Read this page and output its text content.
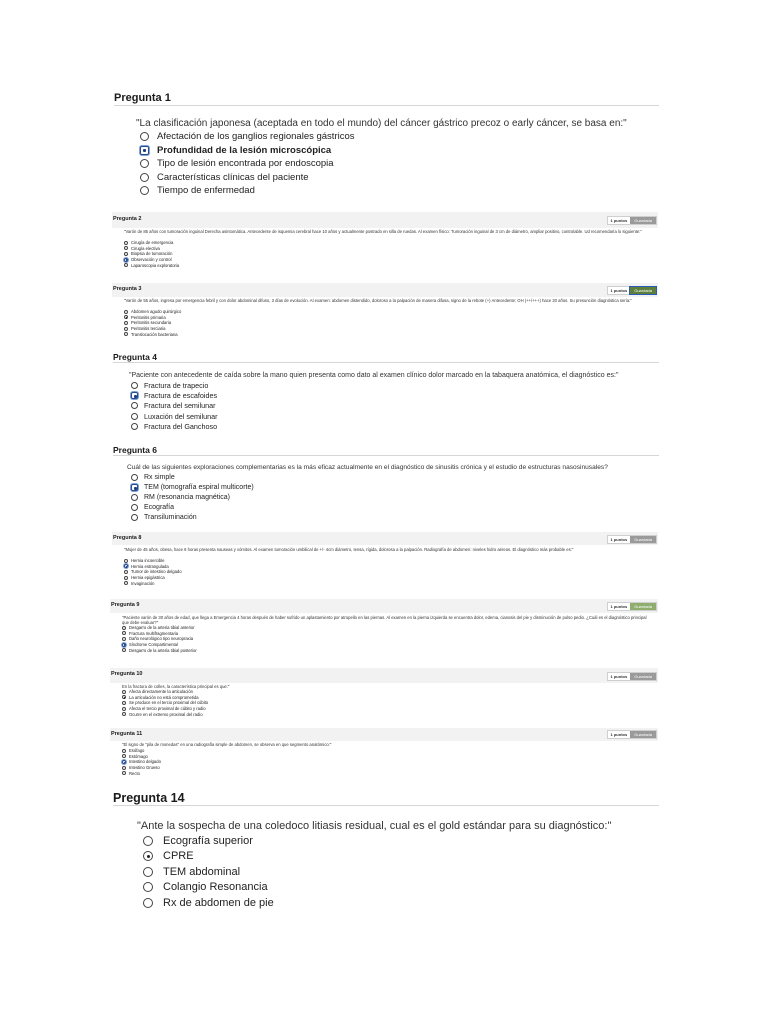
Pregunta 1
"La clasificación japonesa (aceptada en todo el mundo) del cáncer gástrico precoz o early cáncer, se basa en:"
Afectación de los ganglios regionales gástricos
Profundidad de la lesión microscópica
Tipo de lesión encontrada por endoscopia
Características clínicas del paciente
Tiempo de enfermedad
Pregunta 2	1 puntos	Guardada
"Varón de 85 años con tumoración inguinal Derecha asintomática. Antecedente de isquemia cerebral hace 10 años y actualmente postrado en silla de ruedas. Al examen físico: Tumoración inguinal de 3 cm de diámetro, ampliar positivo, controlable. Ud recomendaría lo siguiente:"
Cirugía de emergencia
Cirugía electiva
Biopsia de tumoración
Observación y control
Laparoscopia exploratoria
Pregunta 3	1 puntos	Guardada
"Varón de 55 años, ingresa por emergencia febril y con dolor abdominal difuso, 3 días de evolución. Al examen: abdomen distendido, doloroso a la palpación de manera difusa, signo de la rebote (+) Antecedente: OH (++/+++) hace 20 años. Su presunción diagnóstica sería:"
Abdomen agudo quirúrgico
Peritonitis primaria
Peritonitis secundaria
Peritonitis terciaria
Translocación bacteriana
Pregunta 4
"Paciente con antecedente de caída sobre la mano quien presenta como dato al examen clínico dolor marcado en la tabaquera anatómica, el diagnóstico es:"
Fractura de trapecio
Fractura de escafoides
Fractura del semilunar
Luxación del semilunar
Fractura del Ganchoso
Pregunta 6
Cuál de las siguientes exploraciones complementarias es la más eficaz actualmente en el diagnóstico de sinusitis crónica y el estudio de estructuras nasosinusales?
Rx simple
TEM (tomografía espiral multicorte)
RM (resonancia magnética)
Ecografía
Transiluminación
Pregunta 8	1 puntos	Guardada
"Mujer de 45 años, obesa, hace 6 horas presenta nauseas y vómitos. Al examen tumoración umbilical de +/- 4cm diámetro, tensa, rígida, dolorosa a la palpación. Radiografía de abdomen: niveles hidro aéreos. El diagnóstico más probable es:"
Hernia incoercible
Hernia estrangulada
Tumor de intestino delgado
Hernia epigástrica
Invaginación
Pregunta 9	1 puntos	Guardada
"Paciente varón de 30 años de edad, que llega a Emergencia 4 horas después de haber sufrido un aplastamiento por atropello en las piernas. Al examen en la pierna izquierda se encuentra dolor, edema, cianosis del pie y disminución de pulso pedio. ¿Cuál es el diagnóstico principal que debe evaluar?"
Desgarro de la arteria tibial anterior
Fractura multifragmentaria
Daño neurológico tipo neuropraxia
Síndrome Compartimental
Desgarro de la arteria tibial posterior
Pregunta 10	1 puntos	Guardada
En la fractura de colles, la característica principal es que:"
Afecta directamente la articulación
La articulación no está comprometida
Se produce en el tercio proximal del cúbito
Afecta el tercio proximal de cúbito y radio
Ocurre en el extremo proximal del radio
Pregunta 11	1 puntos	Guardada
"El signo de "pila de monedas" en una radiografía simple de abdomen, se observa en que segmento anatómico:"
Esófago
Estómago
Intestino delgado
Intestino Grueso
Recto
Pregunta 14
"Ante la sospecha de una coledoco litiasis residual, cual es el gold estándar para su diagnóstico:"
Ecografía superior
CPRE
TEM abdominal
Colangio Resonancia
Rx de abdomen de pie
